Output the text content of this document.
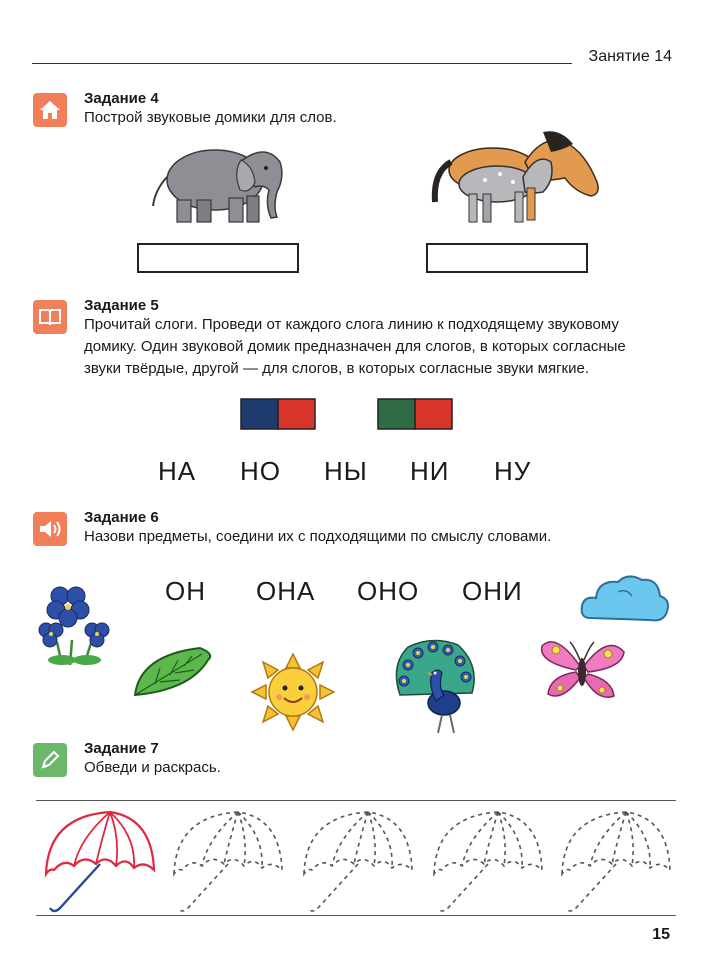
Занятие 14
Задание 4
Построй звуковые домики для слов.
Задание 5
Прочитай слоги. Проведи от каждого слога линию к подходящему звуковому
домику. Один звуковой домик предназначен для слогов, в которых согласные
звуки твёрдые, другой — для слогов, в которых согласные звуки мягкие.
НА НО НЫ НИ НУ
Задание 6
Назови предметы, соедини их с подходящими по смыслу словами.
ОН ОНА ОНО ОНИ
Задание 7
Обведи и раскрась.
15
